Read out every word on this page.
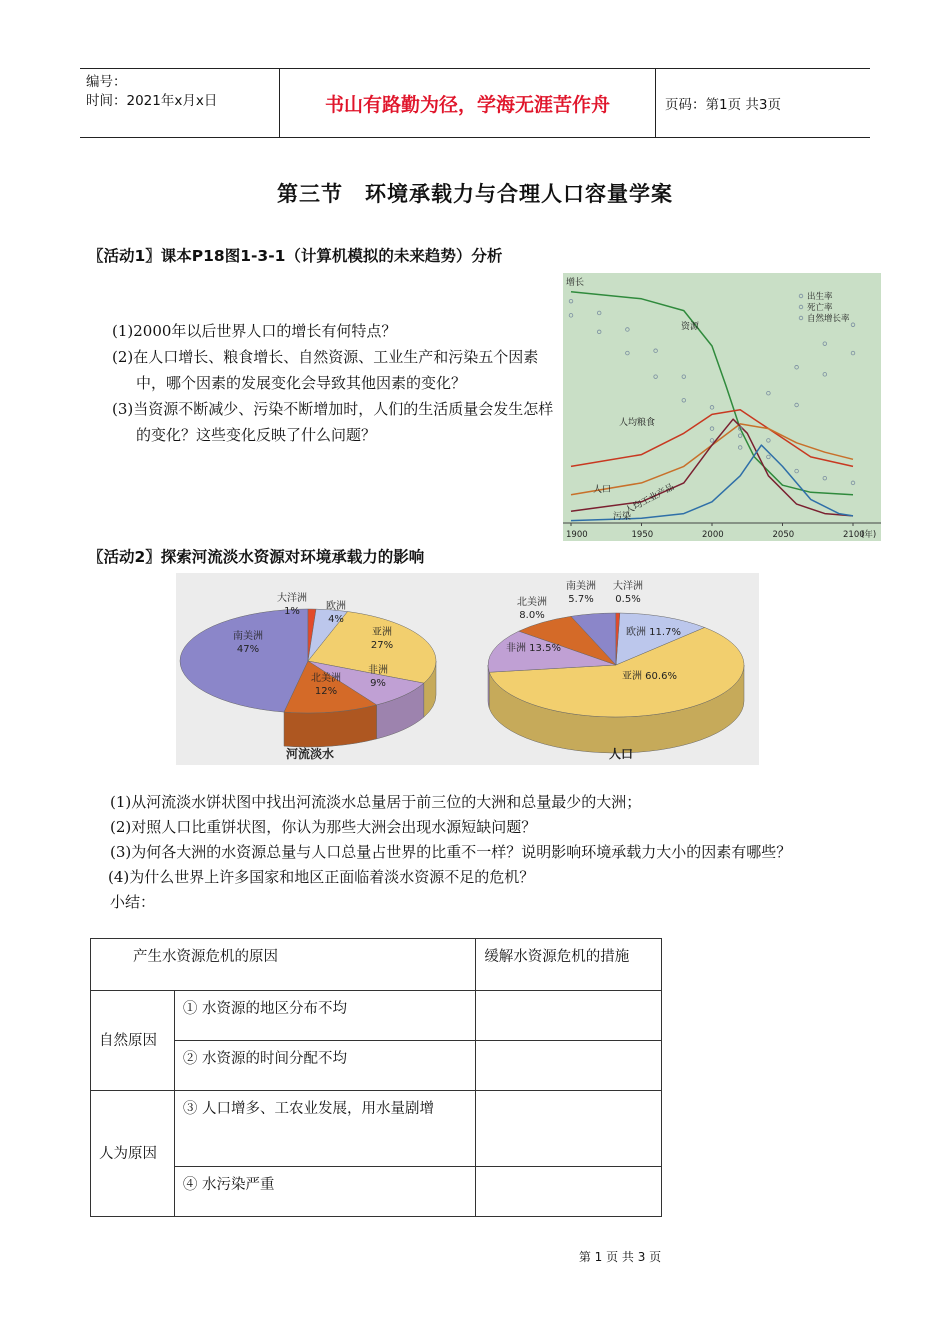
编号：
时间：2021年x月x日	书山有路勤为径，学海无涯苦作舟	页码：第1页 共3页
第三节　环境承载力与合理人口容量学案
〖活动1〗课本P18图1-3-1（计算机模拟的未来趋势）分析

(1)2000年以后世界人口的增长有何特点？

(2)在人口增长、粮食增长、自然资源、工业生产和污染五个因素中，哪个因素的发展变化会导致其他因素的变化？

(3)当资源不断减少、污染不断增加时，人们的生活质量会发生怎样的变化？这些变化反映了什么问题？

增长
1900	1950	2000	2050	2100
(年)
资源
人均粮食
人口 人均工业产品
污染
出生率
死亡率
自然增长率
〖活动2〗探索河流淡水资源对环境承载力的影响
南美洲
47%
大洋洲
1%	欧洲
4%
亚洲
27%
非洲
9%
北美洲
12%
河流淡水
欧洲 11.7%
亚洲 60.6%
非洲 13.5%
北美洲
8.0%
南美洲
5.7%
大洋洲
0.5%
人口

(1)从河流淡水饼状图中找出河流淡水总量居于前三位的大洲和总量最少的大洲；

(2)对照人口比重饼状图，你认为那些大洲会出现水源短缺问题？

(3)为何各大洲的水资源总量与人口总量占世界的比重不一样？说明影响环境承载力大小的因素有哪些？

(4)为什么世界上许多国家和地区正面临着淡水资源不足的危机？

小结：

产生水资源危机的原因		缓解水资源危机的措施
自然原因	① 水资源的地区分布不均	
	② 水资源的时间分配不均	
人为原因	③ 人口增多、工农业发展，用水量剧增	
	④ 水污染严重	
第 1 页 共 3 页
